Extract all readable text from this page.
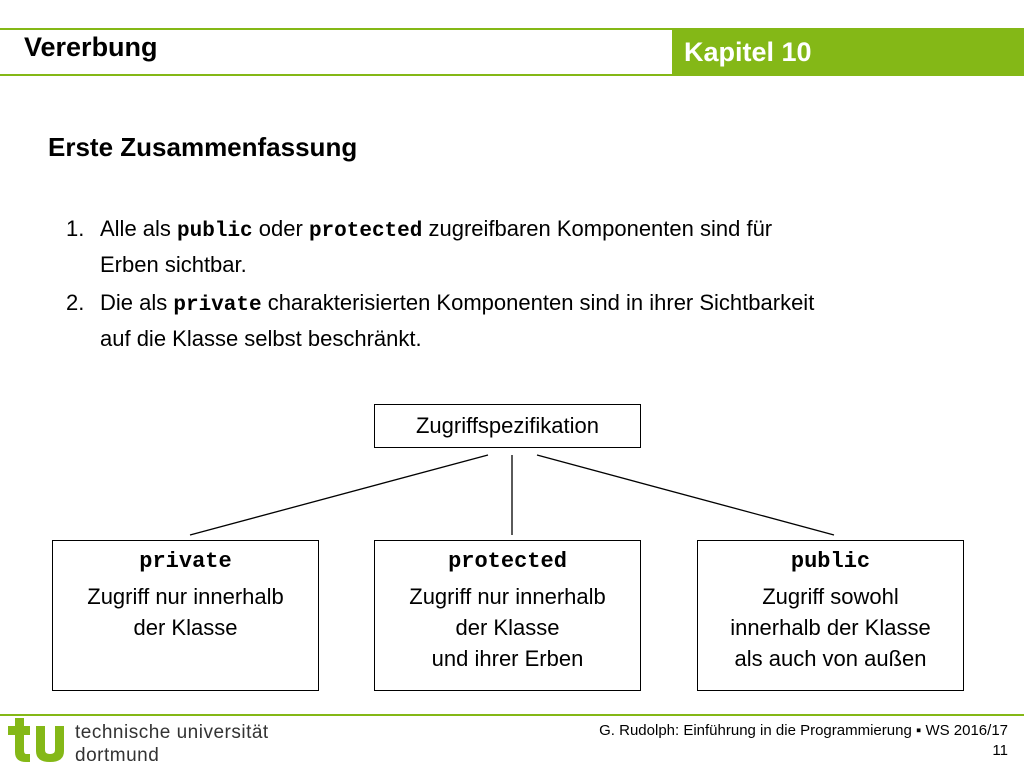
Vererbung	Kapitel 10
Erste Zusammenfassung
1. Alle als public oder protected zugreifbaren Komponenten sind für Erben sichtbar.
2. Die als private charakterisierten Komponenten sind in ihrer Sichtbarkeit auf die Klasse selbst beschränkt.
Zugriffspezifikation
private
Zugriff nur innerhalb
der Klasse
protected
Zugriff nur innerhalb
der Klasse
und ihrer Erben
public
Zugriff sowohl
innerhalb der Klasse
als auch von außen
technische universität
dortmund
G. Rudolph: Einführung in die Programmierung ▪ WS 2016/17
11
